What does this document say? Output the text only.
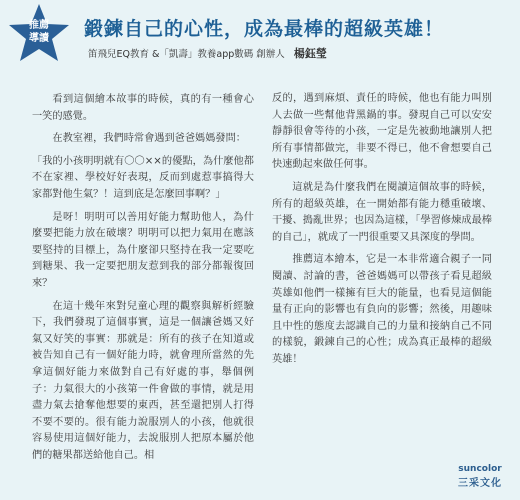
推薦
導讀	鍛鍊自己的心性，成為最棒的超級英雄！
笛飛兒EQ教育 &「凱壽」教養app數碼 創辦人 楊鈺瑩

看到這個繪本故事的時候，真的有一種會心一笑的感覺。

在教室裡，我們時常會遇到爸爸媽媽發問：

「我的小孩明明就有〇〇××的優點，為什麼他都不在家裡、學校好好表現，反而到處惹事搞得大家都對他生氣？！這到底是怎麼回事啊？」

是呀！明明可以善用好能力幫助他人，為什麼要把能力放在破壞？明明可以把力氣用在應該要堅持的目標上，為什麼卻只堅持在我一定要吃到糖果、我一定要把朋友惹到我的部分都報復回來？

在這十幾年來對兒童心理的觀察與解析經驗下，我們發現了這個事實，這是一個讓爸媽又好氣又好笑的事實：那就是：所有的孩子在知道或被告知自己有一個好能力時，就會理所當然的先拿這個好能力來做對自己有好處的事，舉個例子：力氣很大的小孩第一件會做的事情，就是用盡力氣去搶奪他想要的東西，甚至還把別人打得不要不要的。很有能力說服別人的小孩，他就很容易使用這個好能力，去說服別人把原本屬於他們的糖果都送給他自己。相

反的，遇到麻煩、責任的時候，他也有能力叫別人去做一些幫他背黑鍋的事。發現自己可以安安靜靜很會等待的小孩，一定是先被動地讓別人把所有事情都做完，非要不得已，他不會想要自己快速動起來做任何事。

這就是為什麼我們在閱讀這個故事的時候，所有的超級英雄，在一開始都有能力穩重破壞、干擾、搗亂世界；也因為這樣，「學習修煉成最棒的自己」，就成了一門很重要又具深度的學問。

推薦這本繪本，它是一本非常適合親子一同閱讀、討論的書，爸爸媽媽可以帶孩子看見超級英雄如他們一樣擁有巨大的能量，也看見這個能量有正向的影響也有負向的影響；然後，用趣味且中性的態度去認識自己的力量和接納自己不同的樣貌，鍛鍊自己的心性；成為真正最棒的超級英雄！

suncolor
三采文化
